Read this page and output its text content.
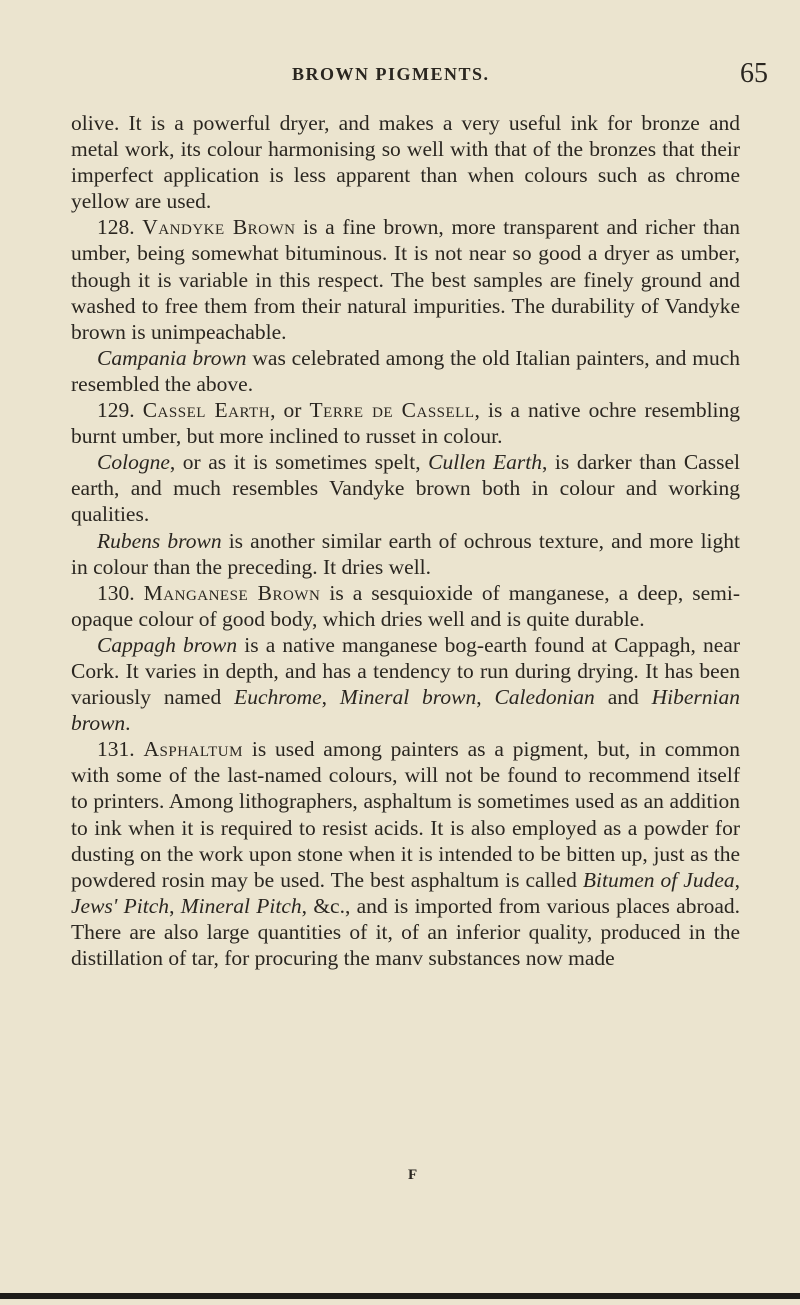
BROWN PIGMENTS.	65

olive. It is a powerful dryer, and makes a very useful ink for bronze and metal work, its colour harmonising so well with that of the bronzes that their imperfect application is less apparent than when colours such as chrome yellow are used.

128. Vandyke Brown is a fine brown, more transparent and richer than umber, being somewhat bituminous. It is not near so good a dryer as umber, though it is variable in this respect. The best samples are finely ground and washed to free them from their natural impurities. The durability of Vandyke brown is unimpeachable.

Campania brown was celebrated among the old Italian painters, and much resembled the above.

129. Cassel Earth, or Terre de Cassell, is a native ochre resembling burnt umber, but more inclined to russet in colour.

Cologne, or as it is sometimes spelt, Cullen Earth, is darker than Cassel earth, and much resembles Vandyke brown both in colour and working qualities.

Rubens brown is another similar earth of ochrous texture, and more light in colour than the preceding. It dries well.

130. Manganese Brown is a sesquioxide of manganese, a deep, semi-opaque colour of good body, which dries well and is quite durable.

Cappagh brown is a native manganese bog-earth found at Cappagh, near Cork. It varies in depth, and has a tendency to run during drying. It has been variously named Euchrome, Mineral brown, Caledonian and Hibernian brown.

131. Asphaltum is used among painters as a pigment, but, in common with some of the last-named colours, will not be found to recommend itself to printers. Among lithographers, asphaltum is sometimes used as an addition to ink when it is required to resist acids. It is also employed as a powder for dusting on the work upon stone when it is intended to be bitten up, just as the powdered rosin may be used. The best asphaltum is called Bitumen of Judea, Jews' Pitch, Mineral Pitch, &c., and is imported from various places abroad. There are also large quantities of it, of an inferior quality, produced in the distillation of tar, for procuring the manv substances now made

F
